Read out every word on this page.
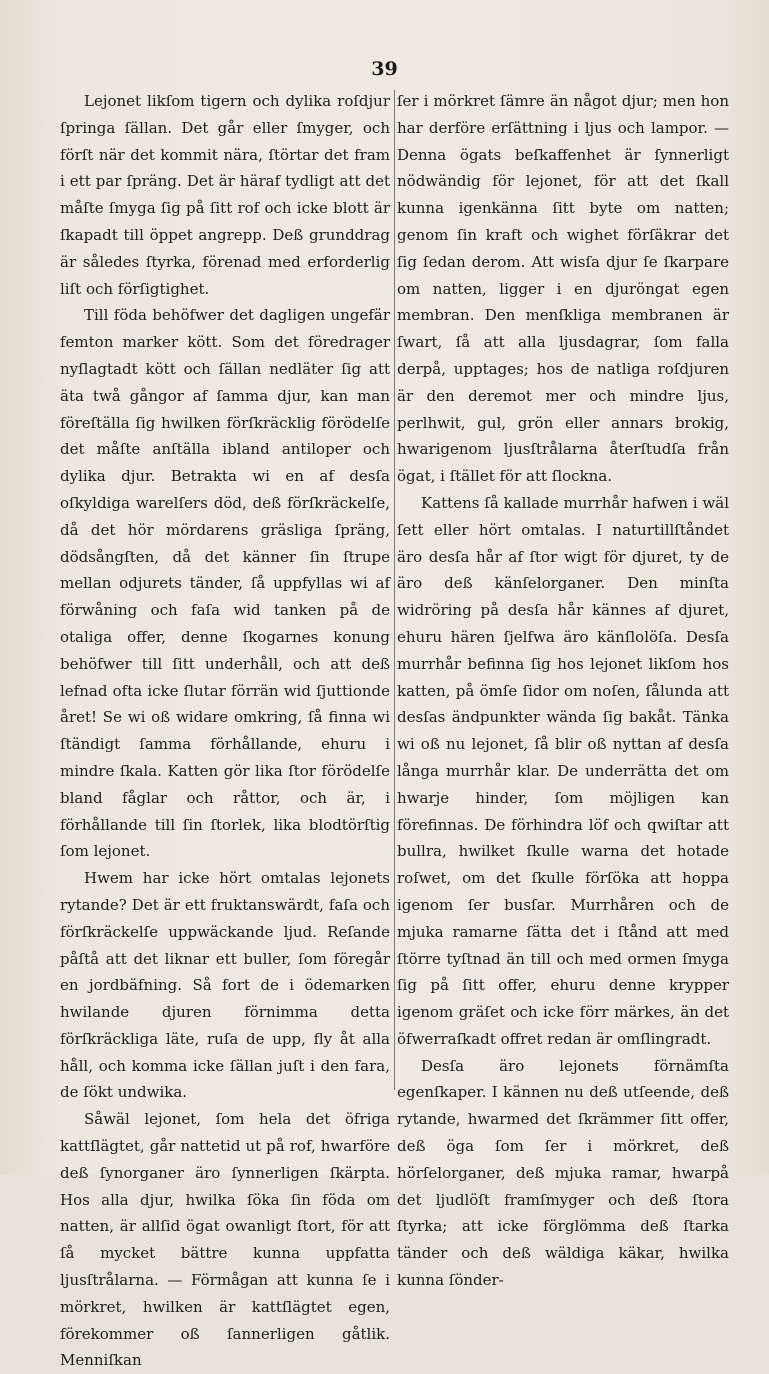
39

Lejonet likſom tigern och dylika roſdjur ſpringa ſällan. Det går eller ſmyger, och förſt när det kommit nära, ſtörtar det fram i ett par ſpräng. Det är häraf tydligt att det måſte ſmyga ſig på ſitt rof och icke blott är ſkapadt till öppet angrepp. Deß grunddrag är således ſtyrka, förenad med erforderlig liſt och förſigtighet.

Till föda behöfwer det dagligen ungefär femton marker kött. Som det föredrager nyſlagtadt kött och ſällan nedläter ſig att äta twå gångor af ſamma djur, kan man föreſtälla ſig hwilken förſkräcklig förödelſe det måſte anſtälla ibland antiloper och dylika djur. Betrakta wi en af desſa oſkyldiga warelſers död, deß förſkräckelſe, då det hör mördarens gräsliga ſpräng, dödsångſten, då det känner ſin ſtrupe mellan odjurets tänder, ſå uppfyllas wi af förwåning och faſa wid tanken på de otaliga offer, denne ſkogarnes konung behöfwer till ſitt underhåll, och att deß lefnad ofta icke ſlutar förrän wid ſjuttionde året! Se wi oß widare omkring, ſå finna wi ſtändigt ſamma förhållande, ehuru i mindre ſkala. Katten gör lika ſtor förödelſe bland fåglar och råttor, och är, i förhållande till ſin ſtorlek, lika blodtörſtig ſom lejonet.

Hwem har icke hört omtalas lejonets rytande? Det är ett fruktanswärdt, faſa och förſkräckelſe uppwäckande ljud. Reſande påſtå att det liknar ett buller, ſom föregår en jordbäfning. Så fort de i ödemarken hwilande djuren förnimma detta förſkräckliga läte, ruſa de upp, fly åt alla håll, och komma icke ſällan juſt i den fara, de ſökt undwika.

Såwäl lejonet, ſom hela det öfriga kattſlägtet, går nattetid ut på rof, hwarföre deß ſynorganer äro ſynnerligen ſkärpta. Hos alla djur, hwilka ſöka ſin föda om natten, är allſid ögat owanligt ſtort, för att ſå mycket bättre kunna uppfatta ljusſtrålarna. — Förmågan att kunna ſe i mörkret, hwilken är kattſlägtet egen, förekommer oß ſannerligen gåtlik. Menniſkan

ſer i mörkret ſämre än något djur; men hon har derföre erſättning i ljus och lampor. — Denna ögats beſkaffenhet är ſynnerligt nödwändig för lejonet, för att det ſkall kunna igenkänna ſitt byte om natten; genom ſin kraft och wighet förſäkrar det ſig ſedan derom. Att wisſa djur ſe ſkarpare om natten, ligger i en djuröngat egen membran. Den menſkliga membranen är ſwart, ſå att alla ljusdagrar, ſom falla derpå, upptages; hos de natliga roſdjuren är den deremot mer och mindre ljus, perlhwit, gul, grön eller annars brokig, hwarigenom ljusſtrålarna återſtudſa från ögat, i ſtället för att ſlockna.

Kattens ſå kallade murrhår hafwen i wäl ſett eller hört omtalas. I naturtillſtåndet äro desſa hår af ſtor wigt för djuret, ty de äro deß känſelorganer. Den minſta widröring på desſa hår kännes af djuret, ehuru hären ſjelfwa äro känſlolöſa. Desſa murrhår befinna ſig hos lejonet likſom hos katten, på ömſe ſidor om noſen, ſålunda att desſas ändpunkter wända ſig bakåt. Tänka wi oß nu lejonet, ſå blir oß nyttan af desſa långa murrhår klar. De underrätta det om hwarje hinder, ſom möjligen kan förefinnas. De förhindra löf och qwiſtar att bullra, hwilket ſkulle warna det hotade roſwet, om det ſkulle förſöka att hoppa igenom ſer busſar. Murrhåren och de mjuka ramarne ſätta det i ſtånd att med ſtörre tyſtnad än till och med ormen ſmyga ſig på ſitt offer, ehuru denne krypper igenom gräſet och icke förr märkes, än det öfwerraſkadt offret redan är omſlingradt.

Desſa äro lejonets förnämſta egenſkaper. I kännen nu deß utſeende, deß rytande, hwarmed det ſkrämmer ſitt offer, deß öga ſom ſer i mörkret, deß hörſelorganer, deß mjuka ramar, hwarpå det ljudlöſt framſmyger och deß ſtora ſtyrka; att icke förglömma deß ſtarka tänder och deß wäldiga käkar, hwilka kunna ſönder-
